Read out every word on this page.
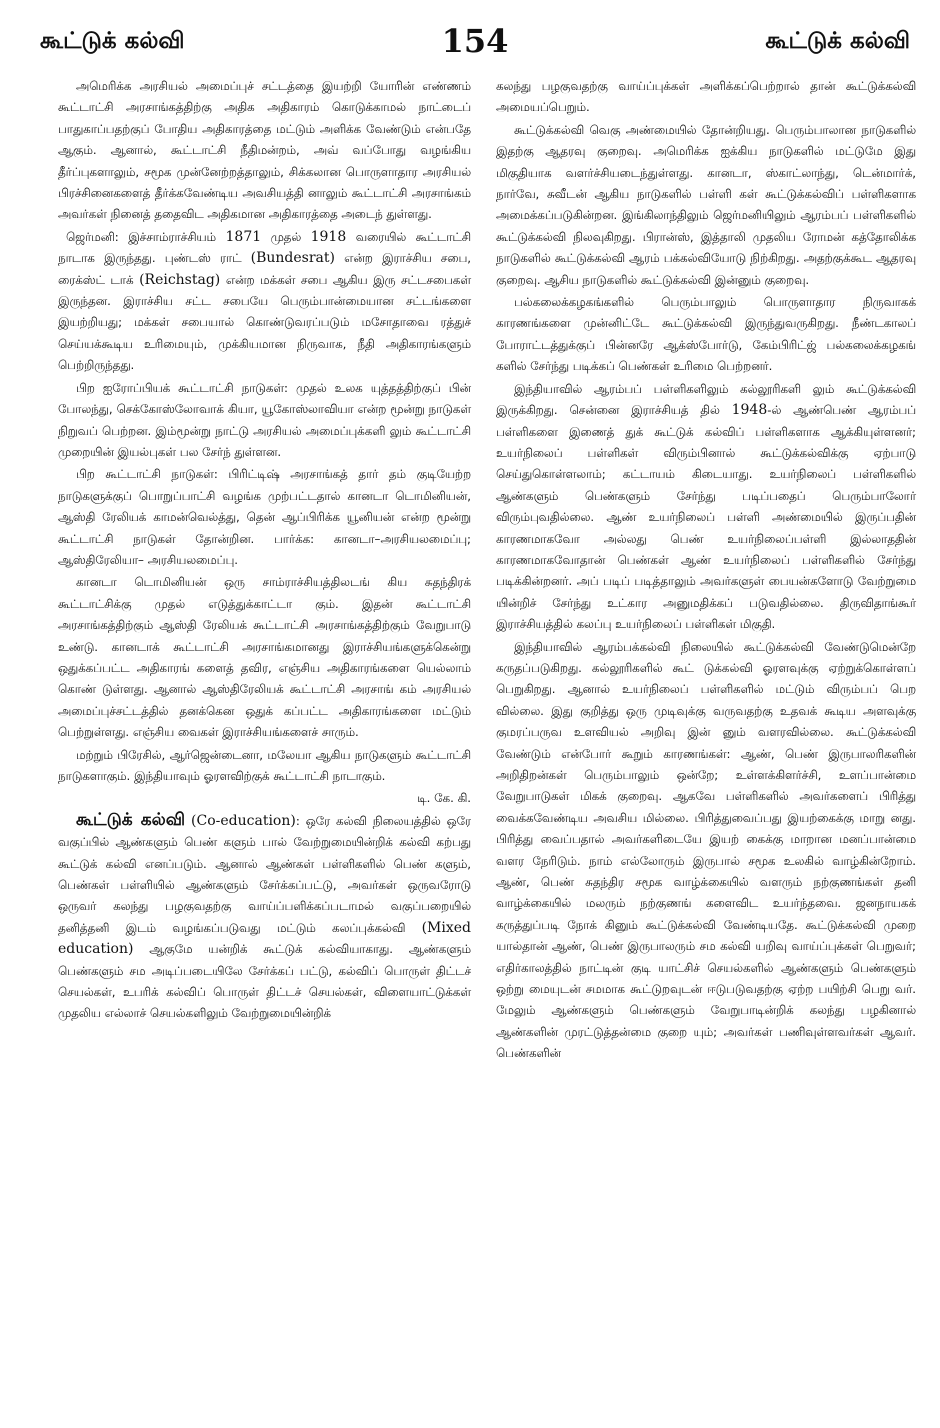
கூட்டுக் கல்வி	154	கூட்டுக் கல்வி

அமெரிக்க அரசியல் அமைப்புச் சட்டத்தை இயற்றி யோரின் எண்ணம் கூட்டாட்சி அரசாங்கத்திற்கு அதிக அதிகாரம் கொடுக்காமல் நாட்டைப் பாதுகாப்பதற்குப் போதிய அதிகாரத்தை மட்டும் அளிக்க வேண்டும் என்பதே ஆகும். ஆனால், கூட்டாட்சி நீதிமன்றம், அவ் வப்போது வழங்கிய தீர்ப்புகளாலும், சமூக முன்னேற்றத்தாலும், சிக்கலான பொருளாதார அரசியல் பிரச்சினைகளைத் தீர்க்கவேண்டிய அவசியத்தி னாலும் கூட்டாட்சி அரசாங்கம் அவர்கள் நினைத் ததைவிட அதிகமான அதிகாரத்தை அடைந் துள்ளது.

ஜெர்மனி: இச்சாம்ராச்சியம் 1871 முதல் 1918 வரையில் கூட்டாட்சி நாடாக இருந்தது. புண்டஸ் ராட் (Bundesrat) என்ற இராச்சிய சபை, ரைக்ஸ்ட் டாக் (Reichstag) என்ற மக்கள் சபை ஆகிய இரு சட்டசபைகள் இருந்தன. இராச்சிய சட்ட சபையே பெரும்பான்மையான சட்டங்களை இயற்றியது; மக்கள் சபையால் கொண்டுவரப்படும் மசோதாவை ரத்துச் செய்யக்கூடிய உரிமையும், முக்கியமான நிருவாக, நீதி அதிகாரங்களும் பெற்றிருந்தது.

பிற ஐரோப்பியக் கூட்டாட்சி நாடுகள்: முதல் உலக யுத்தத்திற்குப் பின் போலந்து, செக்கோஸ்லோவாக் கியா, யூகோஸ்லாவியா என்ற மூன்று நாடுகள் நிறுவப் பெற்றன. இம்மூன்று நாட்டு அரசியல் அமைப்புக்களி லும் கூட்டாட்சி முறையின் இயல்புகள் பல சேர்ந் துள்ளன.

பிற கூட்டாட்சி நாடுகள்: பிரிட்டிஷ் அரசாங்கத் தார் தம் குடியேற்ற நாடுகளுக்குப் பொறுப்பாட்சி வழங்க முற்பட்டதால் கானடா டொமினியன், ஆஸ்தி ரேலியக் காமன்வெல்த்து, தென் ஆப்பிரிக்க யூனியன் என்ற மூன்று கூட்டாட்சி நாடுகள் தோன்றின. பார்க்க: கானடா–அரசியலமைப்பு; ஆஸ்திரேலியா– அரசியலமைப்பு.

கானடா டொமினியன் ஒரு சாம்ராச்சியத்திலடங் கிய சுதந்திரக் கூட்டாட்சிக்கு முதல் எடுத்துக்காட்டா கும். இதன் கூட்டாட்சி அரசாங்கத்திற்கும் ஆஸ்தி ரேலியக் கூட்டாட்சி அரசாங்கத்திற்கும் வேறுபாடு உண்டு. கானடாக் கூட்டாட்சி அரசாங்கமானது இராச்சியங்களுக்கென்று ஒதுக்கப்பட்ட அதிகாரங் களைத் தவிர, எஞ்சிய அதிகாரங்களை யெல்லாம் கொண் டுள்ளது. ஆனால் ஆஸ்திரேலியக் கூட்டாட்சி அரசாங் கம் அரசியல் அமைப்புச்சட்டத்தில் தனக்கென ஒதுக் கப்பட்ட அதிகாரங்களை மட்டும் பெற்றுள்ளது. எஞ்சிய வைகள் இராச்சியங்களைச் சாரும்.

மற்றும் பிரேசில், ஆர்ஜென்டைனா, மலேயா ஆகிய நாடுகளும் கூட்டாட்சி நாடுகளாகும். இந்தியாவும் ஓரளவிற்குக் கூட்டாட்சி நாடாகும்.

டி. கே. கி.

கூட்டுக் கல்வி (Co-education): ஒரே கல்வி நிலையத்தில் ஒரே வகுப்பில் ஆண்களும் பெண் களும் பால் வேற்றுமையின்றிக் கல்வி கற்பது கூட்டுக் கல்வி எனப்படும். ஆனால் ஆண்கள் பள்ளிகளில் பெண் களும், பெண்கள் பள்ளியில் ஆண்களும் சேர்க்கப்பட்டு, அவர்கள் ஒருவரோடு ஒருவர் கலந்து பழகுவதற்கு வாய்ப்பளிக்கப்படாமல் வகுப்பறையில் தனித்தனி இடம் வழங்கப்படுவது மட்டும் கலப்புக்கல்வி (Mixed education) ஆகுமே யன்றிக் கூட்டுக் கல்வியாகாது. ஆண்களும் பெண்களும் சம அடிப்படையிலே சேர்க்கப் பட்டு, கல்விப் பொருள் திட்டச் செயல்கள், உபரிக் கல்விப் பொருள் திட்டச் செயல்கள், விளையாட்டுக்கள் முதலிய எல்லாச் செயல்களிலும் வேற்றுமையின்றிக்

கலந்து பழகுவதற்கு வாய்ப்புக்கள் அளிக்கப்பெற்றால் தான் கூட்டுக்கல்வி அமையப்பெறும்.

கூட்டுக்கல்வி வெகு அண்மையில் தோன்றியது. பெரும்பாலான நாடுகளில் இதற்கு ஆதரவு குறைவு. அமெரிக்க ஐக்கிய நாடுகளில் மட்டுமே இது மிகுதியாக வளர்ச்சியடைந்துள்ளது. கானடா, ஸ்காட்லாந்து, டென்மார்க், நார்வே, சுவீடன் ஆகிய நாடுகளில் பள்ளி கள் கூட்டுக்கல்விப் பள்ளிகளாக அமைக்கப்படுகின்றன. இங்கிலாந்திலும் ஜெர்மனியிலும் ஆரம்பப் பள்ளிகளில் கூட்டுக்கல்வி நிலவுகிறது. பிரான்ஸ், இத்தாலி முதலிய ரோமன் கத்தோலிக்க நாடுகளில் கூட்டுக்கல்வி ஆரம் பக்கல்வியோடு நிற்கிறது. அதற்குக்கூட ஆதரவு குறைவு. ஆசிய நாடுகளில் கூட்டுக்கல்வி இன்னும் குறைவு.

பல்கலைக்கழகங்களில் பெரும்பாலும் பொருளாதார நிருவாகக் காரணங்களை முன்னிட்டே கூட்டுக்கல்வி இருந்துவருகிறது. நீண்டகாலப் போராட்டத்துக்குப் பின்னரே ஆக்ஸ்போர்டு, கேம்பிரிட்ஜ் பல்கலைக்கழகங் களில் சேர்ந்து படிக்கப் பெண்கள் உரிமை பெற்றனர்.

இந்தியாவில் ஆரம்பப் பள்ளிகளிலும் கல்லூரிகளி லும் கூட்டுக்கல்வி இருக்கிறது. சென்னை இராச்சியத் தில் 1948-ல் ஆண்பெண் ஆரம்பப் பள்ளிகளை இணைத் துக் கூட்டுக் கல்விப் பள்ளிகளாக ஆக்கியுள்ளனர்; உயர்நிலைப் பள்ளிகள் விரும்பினால் கூட்டுக்கல்விக்கு ஏற்பாடு செய்துகொள்ளலாம்; கட்டாயம் கிடையாது. உயர்நிலைப் பள்ளிகளில் ஆண்களும் பெண்களும் சேர்ந்து படிப்பதைப் பெரும்பாலோர் விரும்புவதில்லை. ஆண் உயர்நிலைப் பள்ளி அண்மையில் இருப்பதின் காரணமாகவோ அல்லது பெண் உயர்நிலைப்பள்ளி இல்லாததின் காரணமாகவோதான் பெண்கள் ஆண் உயர்நிலைப் பள்ளிகளில் சேர்ந்து படிக்கின்றனர். அப் படிப் படித்தாலும் அவர்களுள் பையன்களோடு வேற்றுமை யின்றிச் சேர்ந்து உட்கார அனுமதிக்கப் படுவதில்லை. திருவிதாங்கூர் இராச்சியத்தில் கலப்பு உயர்நிலைப் பள்ளிகள் மிகுதி.

இந்தியாவில் ஆரம்பக்கல்வி நிலையில் கூட்டுக்கல்வி வேண்டுமென்றே கருதப்படுகிறது. கல்லூரிகளில் கூட் டுக்கல்வி ஓரளவுக்கு ஏற்றுக்கொள்ளப் பெறுகிறது. ஆனால் உயர்நிலைப் பள்ளிகளில் மட்டும் விரும்பப் பெற வில்லை. இது குறித்து ஒரு முடிவுக்கு வருவதற்கு உதவக் கூடிய அளவுக்கு குமரப்பருவ உளவியல் அறிவு இன் னும் வளரவில்லை. கூட்டுக்கல்வி வேண்டும் என்போர் கூறும் காரணங்கள்: ஆண், பெண் இருபாலரிகளின் அறிதிறன்கள் பெரும்பாலும் ஒன்றே; உள்ளக்கிளர்ச்சி, உளப்பான்மை வேறுபாடுகள் மிகக் குறைவு. ஆகவே பள்ளிகளில் அவர்களைப் பிரித்து வைக்கவேண்டிய அவசிய மில்லை. பிரித்துவைப்பது இயற்கைக்கு மாறு னது. பிரித்து வைப்பதால் அவர்களிடையே இயற் கைக்கு மாறான மனப்பான்மை வளர நேரிடும். நாம் எல்லோரும் இருபால் சமூக உலகில் வாழ்கின்றோம். ஆண், பெண் சுதந்திர சமூக வாழ்க்கையில் வளரும் நற்குணங்கள் தனி வாழ்க்கையில் மலரும் நற்குணங் களைவிட உயர்ந்தவை. ஜனநாயகக் கருத்துப்படி நோக் கினும் கூட்டுக்கல்வி வேண்டியதே. கூட்டுக்கல்வி முறை யால்தான் ஆண், பெண் இருபாலரும் சம கல்வி யறிவு வாய்ப்புக்கள் பெறுவர்; எதிர்காலத்தில் நாட்டின் குடி யாட்சிச் செயல்களில் ஆண்களும் பெண்களும் ஒற்று மையுடன் சமமாக கூட்டுறவுடன் ஈடுபடுவதற்கு ஏற்ற பயிற்சி பெறு வர். மேலும் ஆண்களும் பெண்களும் வேறுபாடின்றிக் கலந்து பழகினால் ஆண்களின் முரட்டுத்தன்மை குறை யும்; அவர்கள் பணிவுள்ளவர்கள் ஆவர். பெண்களின்
